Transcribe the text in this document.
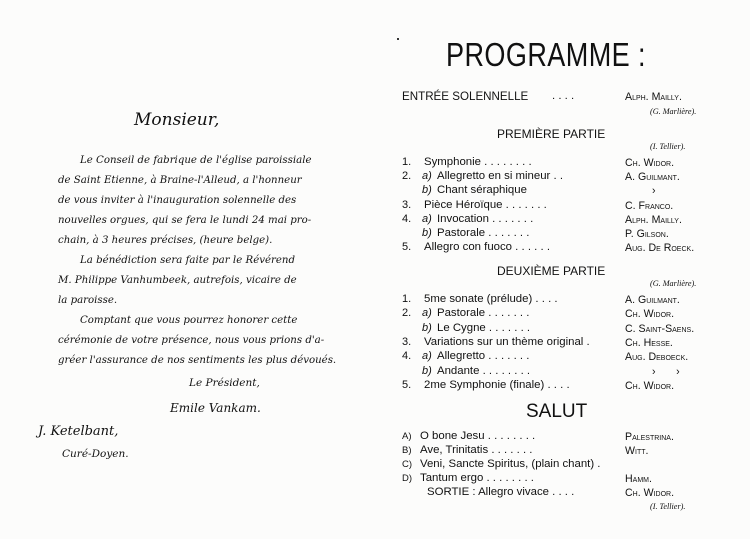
Monsieur,
Le Conseil de fabrique de l'église paroissiale
de Saint Etienne, à Braine-l'Alleud, a l'honneur
de vous inviter à l'inauguration solennelle des
nouvelles orgues, qui se fera le lundi 24 mai pro-
chain, à 3 heures précises, (heure belge).
La bénédiction sera faite par le Révérend
M. Philippe Vanhumbeek, autrefois, vicaire de
la paroisse.
Comptant que vous pourrez honorer cette
cérémonie de votre présence, nous vous prions d'a-
gréer l'assurance de nos sentiments les plus dévoués.
Le Président,
Emile Vankam.
J. Ketelbant,
Curé-Doyen.
PROGRAMME :
ENTRÉE SOLENNELLE . . . .	Alph. Mailly.
(G. Marlière).
PREMIÈRE PARTIE
(I. Tellier).
1.	Symphonie . . . . . . . .	Ch. Widor.
2. a) Allegretto en si mineur . .	A. Guilmant.
b) Chant séraphique	›
3.	Pièce Héroïque . . . . . . .	C. Franco.
4. a) Invocation . . . . . . .	Alph. Mailly.
b) Pastorale . . . . . . .	P. Gilson.
5.	Allegro con fuoco . . . . . .	Aug. De Roeck.
DEUXIÈME PARTIE
(G. Marlière).
1.	5me sonate (prélude) . . . .	A. Guilmant.
2. a) Pastorale . . . . . . .	Ch. Widor.
b) Le Cygne . . . . . . .	C. Saint-Saens.
3.	Variations sur un thème original .	Ch. Hesse.
4. a) Allegretto . . . . . . .	Aug. Deboeck.
b) Andante . . . . . . . .	›       ›
5.	2me Symphonie (finale) . . . .	Ch. Widor.
SALUT
A) O bone Jesu . . . . . . . .	Palestrina.
B) Ave, Trinitatis . . . . . . .	Witt.
C) Veni, Sancte Spiritus, (plain chant) .
D) Tantum ergo . . . . . . . .	Hamm.
SORTIE : Allegro vivace . . . .	Ch. Widor.
(I. Tellier).
